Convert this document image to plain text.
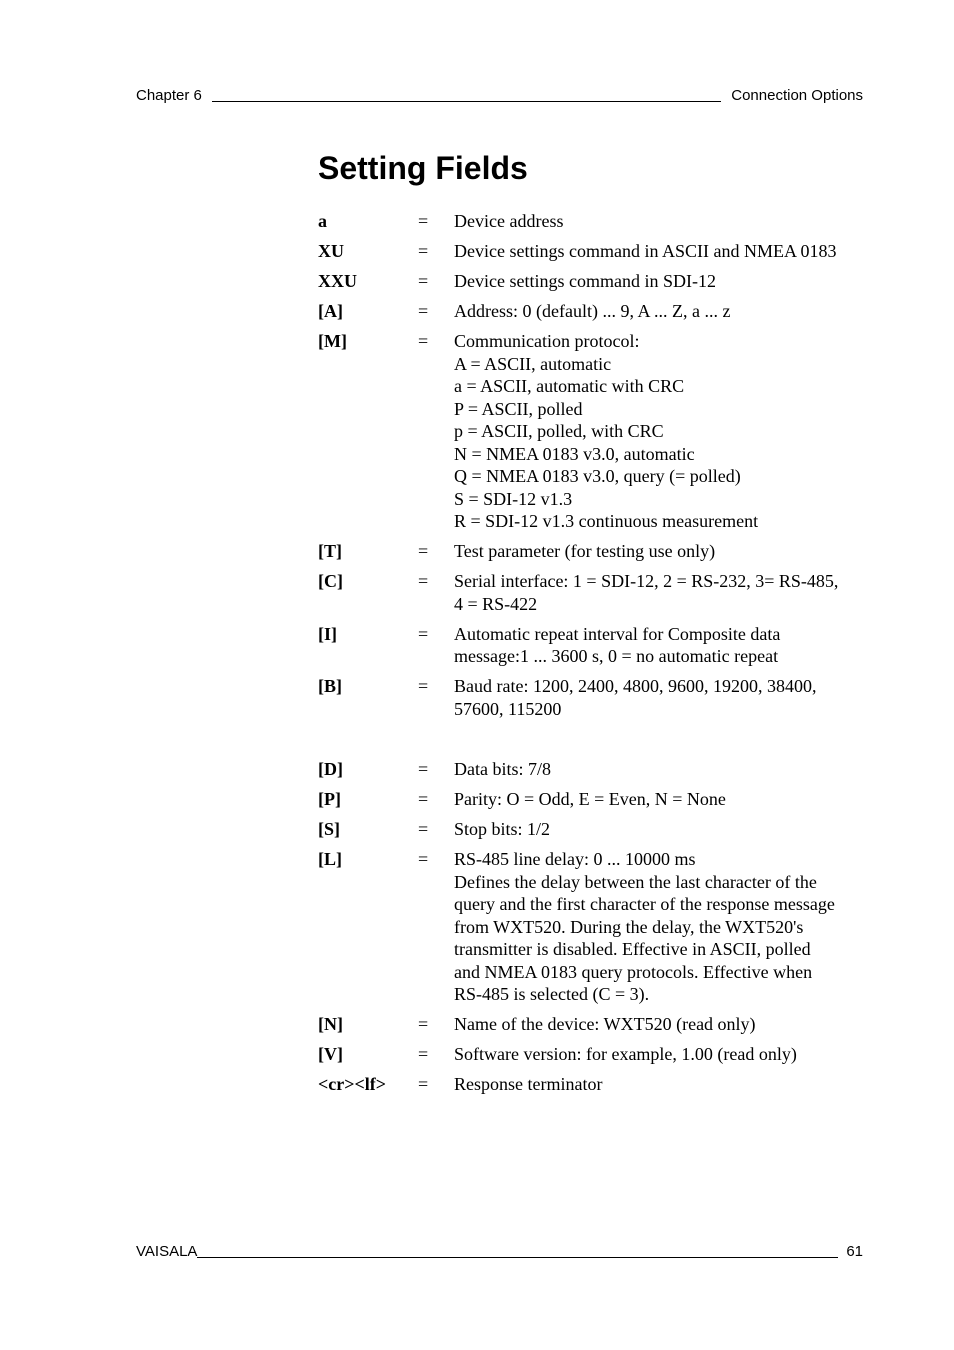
Chapter 6	Connection Options
Setting Fields
a	=	Device address
XU	=	Device settings command in ASCII and NMEA 0183
XXU	=	Device settings command in SDI-12
[A]	=	Address: 0 (default) ... 9, A ... Z, a ... z
[M]	=	Communication protocol:
A = ASCII, automatic
a = ASCII, automatic with CRC
P = ASCII, polled
p = ASCII, polled, with CRC
N = NMEA 0183 v3.0, automatic
Q = NMEA 0183 v3.0, query (= polled)
S = SDI-12 v1.3
R = SDI-12 v1.3 continuous measurement
[T]	=	Test parameter (for testing use only)
[C]	=	Serial interface: 1 = SDI-12, 2 = RS-232, 3= RS-485,
4 = RS-422
[I]	=	Automatic repeat interval for Composite data
message:1 ... 3600 s, 0 = no automatic repeat
[B]	=	Baud rate: 1200, 2400, 4800, 9600, 19200, 38400,
57600, 115200
[D]	=	Data bits: 7/8
[P]	=	Parity: O = Odd, E = Even, N = None
[S]	=	Stop bits: 1/2
[L]	=	RS-485 line delay: 0 ... 10000 ms
Defines the delay between the last character of the
query and the first character of the response message
from WXT520. During the delay, the WXT520's
transmitter is disabled. Effective in ASCII, polled
and NMEA 0183 query protocols. Effective when
RS-485 is selected (C = 3).
[N]	=	Name of the device: WXT520 (read only)
[V]	=	Software version: for example, 1.00 (read only)
<cr><lf>	=	Response terminator
VAISALA	61
